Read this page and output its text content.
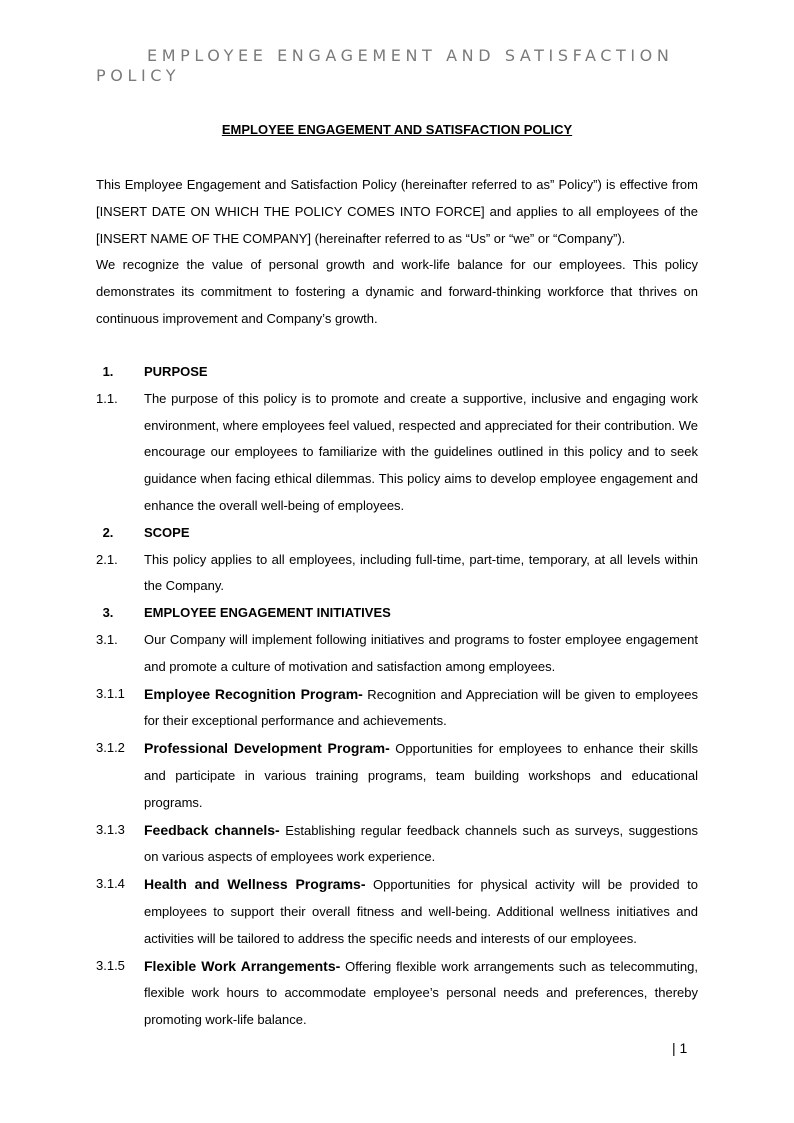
EMPLOYEE ENGAGEMENT AND SATISFACTION POLICY
EMPLOYEE ENGAGEMENT AND SATISFACTION POLICY

This Employee Engagement and Satisfaction Policy (hereinafter referred to as” Policy”) is effective from [INSERT DATE ON WHICH THE POLICY COMES INTO FORCE] and applies to all employees of the [INSERT NAME OF THE COMPANY] (hereinafter referred to as “Us” or “we” or “Company”).

We recognize the value of personal growth and work-life balance for our employees. This policy demonstrates its commitment to fostering a dynamic and forward-thinking workforce that thrives on continuous improvement and Company’s growth.

1.	PURPOSE
1.1.	The purpose of this policy is to promote and create a supportive, inclusive and engaging work environment, where employees feel valued, respected and appreciated for their contribution. We encourage our employees to familiarize with the guidelines outlined in this policy and to seek guidance when facing ethical dilemmas. This policy aims to develop employee engagement and enhance the overall well-being of employees.
2.	SCOPE
2.1.	This policy applies to all employees, including full-time, part-time, temporary, at all levels within the Company.
3.	EMPLOYEE ENGAGEMENT INITIATIVES
3.1.	Our Company will implement following initiatives and programs to foster employee engagement and promote a culture of motivation and satisfaction among employees.
3.1.1	Employee Recognition Program- Recognition and Appreciation will be given to employees for their exceptional performance and achievements.
3.1.2	Professional Development Program- Opportunities for employees to enhance their skills and participate in various training programs, team building workshops and educational programs.
3.1.3	Feedback channels- Establishing regular feedback channels such as surveys, suggestions on various aspects of employees work experience.
3.1.4	Health and Wellness Programs- Opportunities for physical activity will be provided to employees to support their overall fitness and well-being. Additional wellness initiatives and activities will be tailored to address the specific needs and interests of our employees.
3.1.5	Flexible Work Arrangements- Offering flexible work arrangements such as telecommuting, flexible work hours to accommodate employee’s personal needs and preferences, thereby promoting work-life balance.
| 1
